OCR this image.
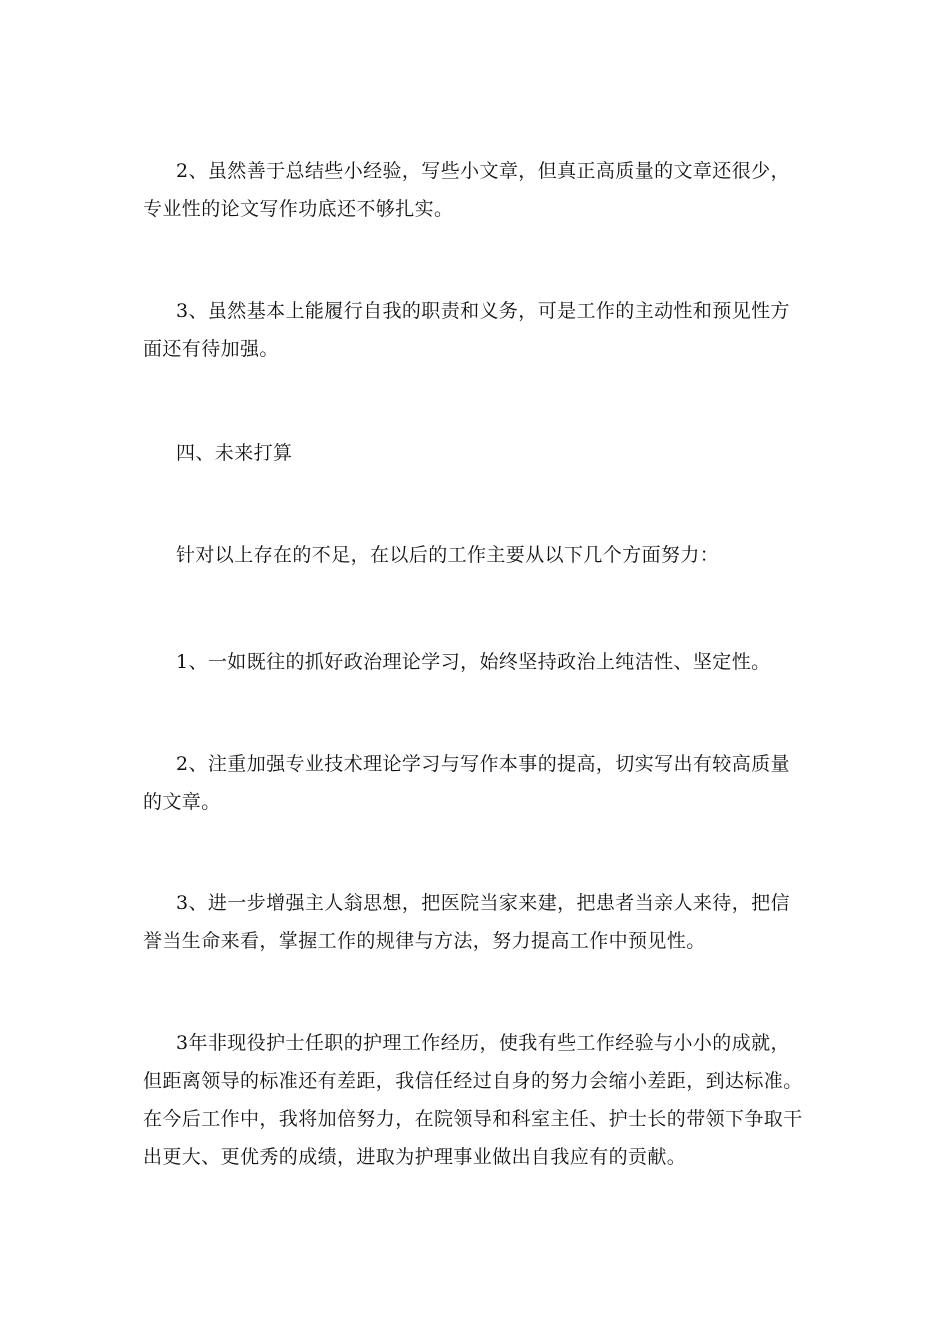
2、虽然善于总结些小经验，写些小文章，但真正高质量的文章还很少，专业性的论文写作功底还不够扎实。

3、虽然基本上能履行自我的职责和义务，可是工作的主动性和预见性方面还有待加强。

四、未来打算

针对以上存在的不足，在以后的工作主要从以下几个方面努力：

1、一如既往的抓好政治理论学习，始终坚持政治上纯洁性、坚定性。

2、注重加强专业技术理论学习与写作本事的提高，切实写出有较高质量的文章。

3、进一步增强主人翁思想，把医院当家来建，把患者当亲人来待，把信誉当生命来看，掌握工作的规律与方法，努力提高工作中预见性。

3年非现役护士任职的护理工作经历，使我有些工作经验与小小的成就，但距离领导的标准还有差距，我信任经过自身的努力会缩小差距，到达标准。在今后工作中，我将加倍努力，在院领导和科室主任、护士长的带领下争取干出更大、更优秀的成绩，进取为护理事业做出自我应有的贡献。
